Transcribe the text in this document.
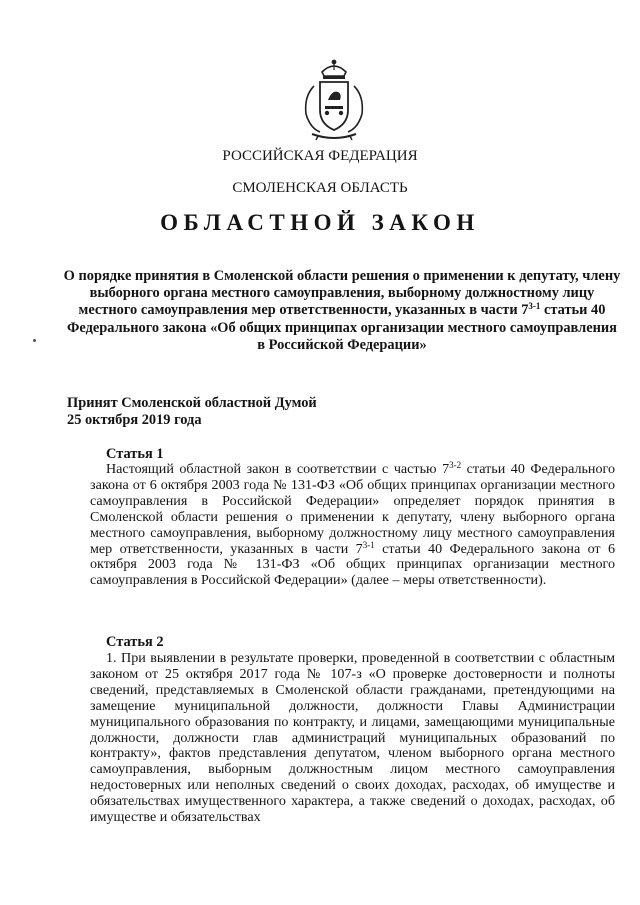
РОССИЙСКАЯ ФЕДЕРАЦИЯ
СМОЛЕНСКАЯ ОБЛАСТЬ
ОБЛАСТНОЙ ЗАКОН
О порядке принятия в Смоленской области решения о применении к депутату, члену выборного органа местного самоуправления, выборному должностному лицу местного самоуправления мер ответственности, указанных в части 7$^{3-1}$ статьи 40 Федерального закона «Об общих принципах организации местного самоуправления в Российской Федерации»
Принят Смоленской областной Думой
25 октября 2019 года
Статья 1
Настоящий областной закон в соответствии с частью 7$^{3-2}$ статьи 40 Федерального закона от 6 октября 2003 года № 131-ФЗ «Об общих принципах организации местного самоуправления в Российской Федерации» определяет порядок принятия в Смоленской области решения о применении к депутату, члену выборного органа местного самоуправления, выборному должностному лицу местного самоуправления мер ответственности, указанных в части 7$^{3-1}$ статьи 40 Федерального закона от 6 октября 2003 года № 131-ФЗ «Об общих принципах организации местного самоуправления в Российской Федерации» (далее – меры ответственности).
Статья 2
1. При выявлении в результате проверки, проведенной в соответствии с областным законом от 25 октября 2017 года № 107-з «О проверке достоверности и полноты сведений, представляемых в Смоленской области гражданами, претендующими на замещение муниципальной должности, должности Главы Администрации муниципального образования по контракту, и лицами, замещающими муниципальные должности, должности глав администраций муниципальных образований по контракту», фактов представления депутатом, членом выборного органа местного самоуправления, выборным должностным лицом местного самоуправления недостоверных или неполных сведений о своих доходах, расходах, об имуществе и обязательствах имущественного характера, а также сведений о доходах, расходах, об имуществе и обязательствах
